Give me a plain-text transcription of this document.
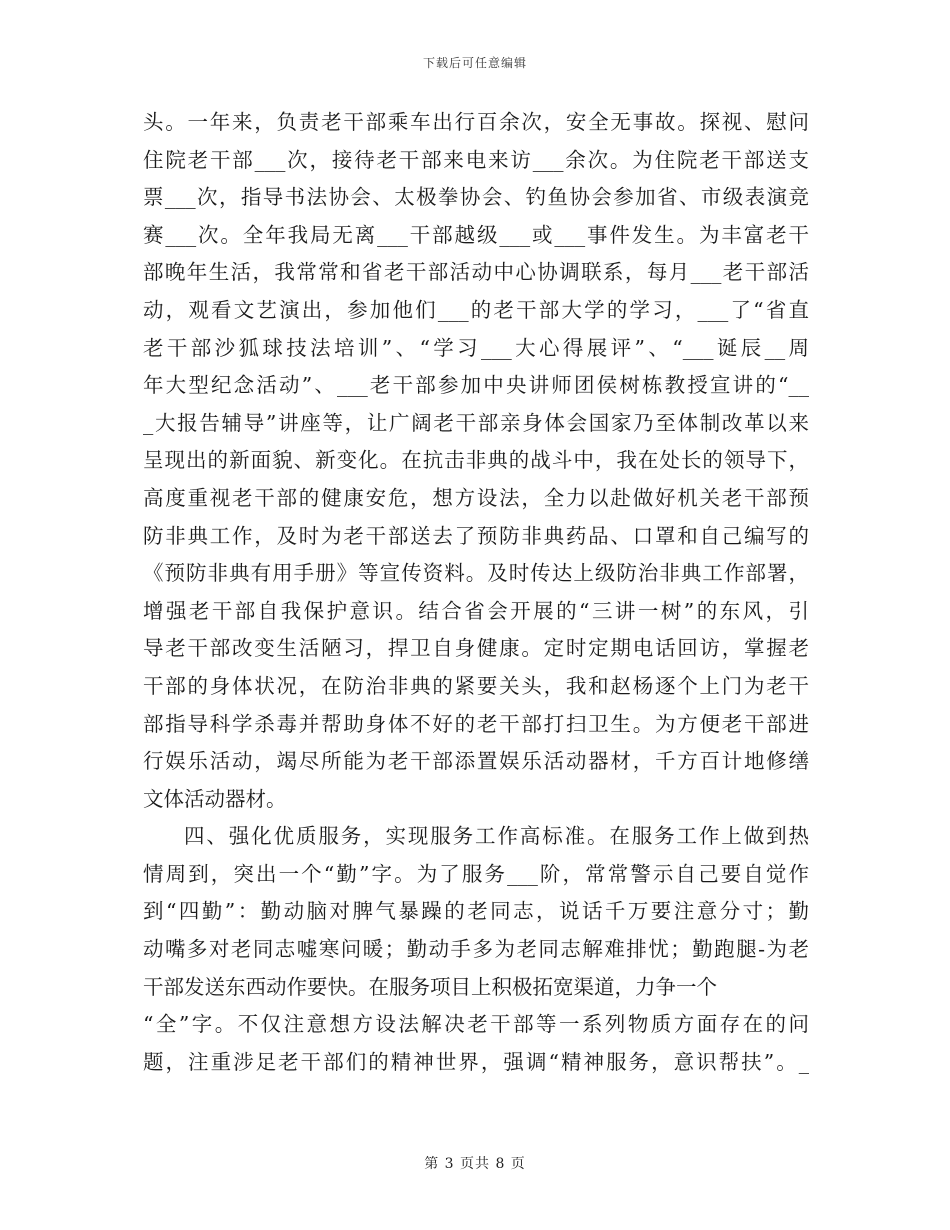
下载后可任意编辑
头。一年来，负责老干部乘车出行百余次，安全无事故。探视、慰问
住院老干部___次，接待老干部来电来访___余次。为住院老干部送支
票___次，指导书法协会、太极拳协会、钓鱼协会参加省、市级表演竞
赛___次。全年我局无离___干部越级___或___事件发生。为丰富老干
部晚年生活，我常常和省老干部活动中心协调联系，每月___老干部活
动，观看文艺演出，参加他们___的老干部大学的学习，___了“省直
老干部沙狐球技法培训”、“学习___大心得展评”、“___诞辰__周
年大型纪念活动”、___老干部参加中央讲师团侯树栋教授宣讲的“__
_大报告辅导”讲座等，让广阔老干部亲身体会国家乃至体制改革以来
呈现出的新面貌、新变化。在抗击非典的战斗中，我在处长的领导下，
高度重视老干部的健康安危，想方设法，全力以赴做好机关老干部预
防非典工作，及时为老干部送去了预防非典药品、口罩和自己编写的
《预防非典有用手册》等宣传资料。及时传达上级防治非典工作部署，
增强老干部自我保护意识。结合省会开展的“三讲一树”的东风，引
导老干部改变生活陋习，捍卫自身健康。定时定期电话回访，掌握老
干部的身体状况，在防治非典的紧要关头，我和赵杨逐个上门为老干
部指导科学杀毒并帮助身体不好的老干部打扫卫生。为方便老干部进
行娱乐活动，竭尽所能为老干部添置娱乐活动器材，千方百计地修缮
文体活动器材。
四、强化优质服务，实现服务工作高标准。在服务工作上做到热
情周到，突出一个“勤”字。为了服务___阶，常常警示自己要自觉作
到“四勤”：勤动脑对脾气暴躁的老同志，说话千万要注意分寸；勤
动嘴多对老同志嘘寒问暖；勤动手多为老同志解难排忧；勤跑腿-为老
干部发送东西动作要快。在服务项目上积极拓宽渠道，力争一个
“全”字。不仅注意想方设法解决老干部等一系列物质方面存在的问
题，注重涉足老干部们的精神世界，强调“精神服务，意识帮扶”。_
第 3 页共 8 页
